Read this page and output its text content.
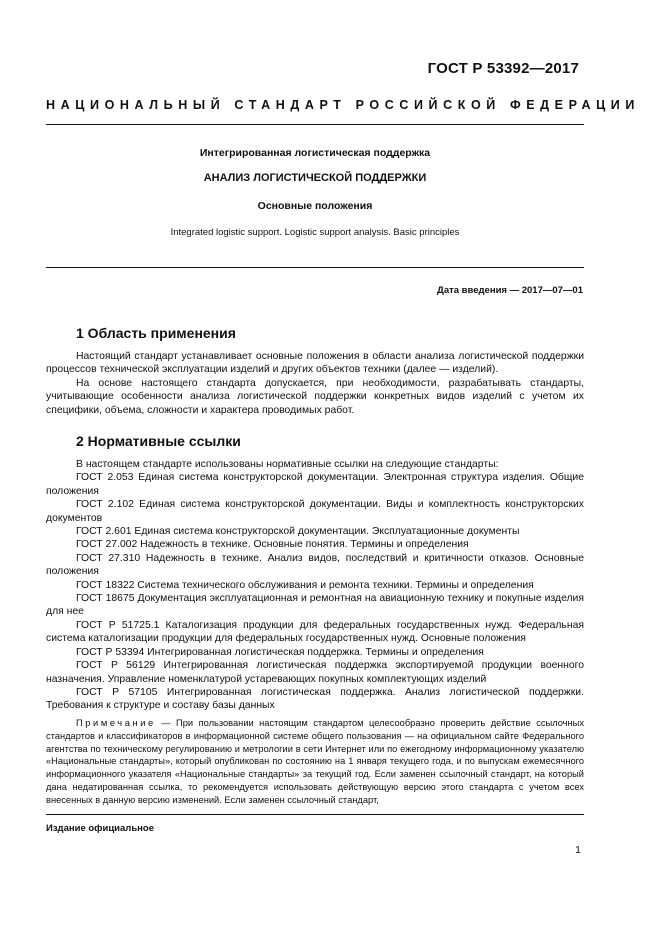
ГОСТ Р 53392—2017
НАЦИОНАЛЬНЫЙ СТАНДАРТ РОССИЙСКОЙ ФЕДЕРАЦИИ
Интегрированная логистическая поддержка
АНАЛИЗ ЛОГИСТИЧЕСКОЙ ПОДДЕРЖКИ
Основные положения
Integrated logistic support. Logistic support analysis. Basic principles
Дата введения — 2017—07—01
1 Область применения

Настоящий стандарт устанавливает основные положения в области анализа логистической поддержки процессов технической эксплуатации изделий и других объектов техники (далее — изделий).

На основе настоящего стандарта допускается, при необходимости, разрабатывать стандарты, учитывающие особенности анализа логистической поддержки конкретных видов изделий с учетом их специфики, объема, сложности и характера проводимых работ.

2 Нормативные ссылки

В настоящем стандарте использованы нормативные ссылки на следующие стандарты:

ГОСТ 2.053 Единая система конструкторской документации. Электронная структура изделия. Общие положения

ГОСТ 2.102 Единая система конструкторской документации. Виды и комплектность конструкторских документов

ГОСТ 2.601 Единая система конструкторской документации. Эксплуатационные документы

ГОСТ 27.002 Надежность в технике. Основные понятия. Термины и определения

ГОСТ 27.310 Надежность в технике. Анализ видов, последствий и критичности отказов. Основные положения

ГОСТ 18322 Система технического обслуживания и ремонта техники. Термины и определения

ГОСТ 18675 Документация эксплуатационная и ремонтная на авиационную технику и покупные изделия для нее

ГОСТ Р 51725.1 Каталогизация продукции для федеральных государственных нужд. Федеральная система каталогизации продукции для федеральных государственных нужд. Основные положения

ГОСТ Р 53394 Интегрированная логистическая поддержка. Термины и определения

ГОСТ Р 56129 Интегрированная логистическая поддержка экспортируемой продукции военного назначения. Управление номенклатурой устаревающих покупных комплектующих изделий

ГОСТ Р 57105 Интегрированная логистическая поддержка. Анализ логистической поддержки. Требования к структуре и составу базы данных

Примечание — При пользовании настоящим стандартом целесообразно проверить действие ссылочных стандартов и классификаторов в информационной системе общего пользования — на официальном сайте Федерального агентства по техническому регулированию и метрологии в сети Интернет или по ежегодному информационному указателю «Национальные стандарты», который опубликован по состоянию на 1 января текущего года, и по выпускам ежемесячного информационного указателя «Национальные стандарты» за текущий год. Если заменен ссылочный стандарт, на который дана недатированная ссылка, то рекомендуется использовать действующую версию этого стандарта с учетом всех внесенных в данную версию изменений. Если заменен ссылочный стандарт,

Издание официальное
1
